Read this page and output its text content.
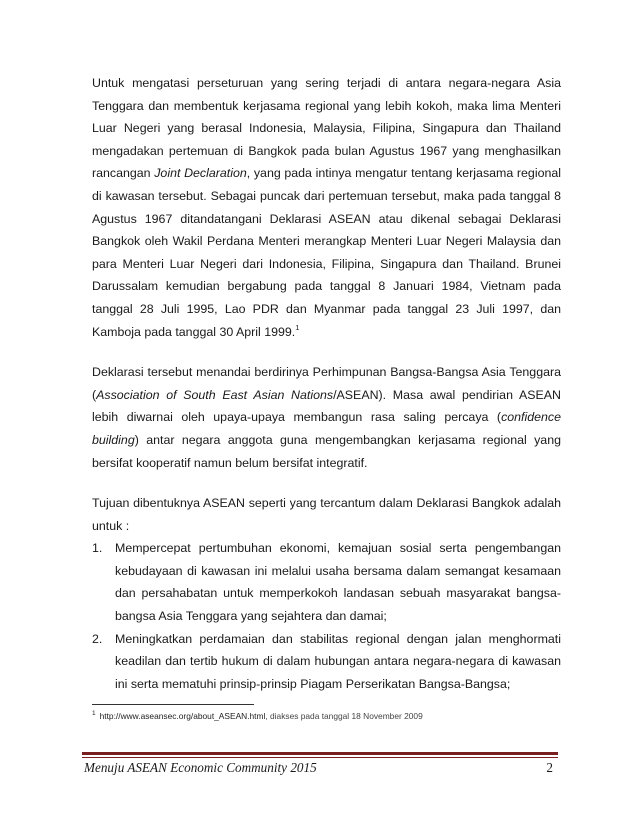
Untuk mengatasi perseturuan yang sering terjadi di antara negara-negara Asia Tenggara dan membentuk kerjasama regional yang lebih kokoh, maka lima Menteri Luar Negeri yang berasal Indonesia, Malaysia, Filipina, Singapura dan Thailand mengadakan pertemuan di Bangkok pada bulan Agustus 1967 yang menghasilkan rancangan Joint Declaration, yang pada intinya mengatur tentang kerjasama regional di kawasan tersebut. Sebagai puncak dari pertemuan tersebut, maka pada tanggal 8 Agustus 1967 ditandatangani Deklarasi ASEAN atau dikenal sebagai Deklarasi Bangkok oleh Wakil Perdana Menteri merangkap Menteri Luar Negeri Malaysia dan para Menteri Luar Negeri dari Indonesia, Filipina, Singapura dan Thailand. Brunei Darussalam kemudian bergabung pada tanggal 8 Januari 1984, Vietnam pada tanggal 28 Juli 1995, Lao PDR dan Myanmar pada tanggal 23 Juli 1997, dan Kamboja pada tanggal 30 April 1999.$^1$

Deklarasi tersebut menandai berdirinya Perhimpunan Bangsa-Bangsa Asia Tenggara (Association of South East Asian Nations/ASEAN). Masa awal pendirian ASEAN lebih diwarnai oleh upaya-upaya membangun rasa saling percaya (confidence building) antar negara anggota guna mengembangkan kerjasama regional yang bersifat kooperatif namun belum bersifat integratif.

Tujuan dibentuknya ASEAN seperti yang tercantum dalam Deklarasi Bangkok adalah untuk :

1. Mempercepat pertumbuhan ekonomi, kemajuan sosial serta pengembangan kebudayaan di kawasan ini melalui usaha bersama dalam semangat kesamaan dan persahabatan untuk memperkokoh landasan sebuah masyarakat bangsa-bangsa Asia Tenggara yang sejahtera dan damai;
2. Meningkatkan perdamaian dan stabilitas regional dengan jalan menghormati keadilan dan tertib hukum di dalam hubungan antara negara-negara di kawasan ini serta mematuhi prinsip-prinsip Piagam Perserikatan Bangsa-Bangsa;
$^1$ http://www.aseansec.org/about_ASEAN.html, diakses pada tanggal 18 November 2009
Menuju ASEAN Economic Community 2015	2
